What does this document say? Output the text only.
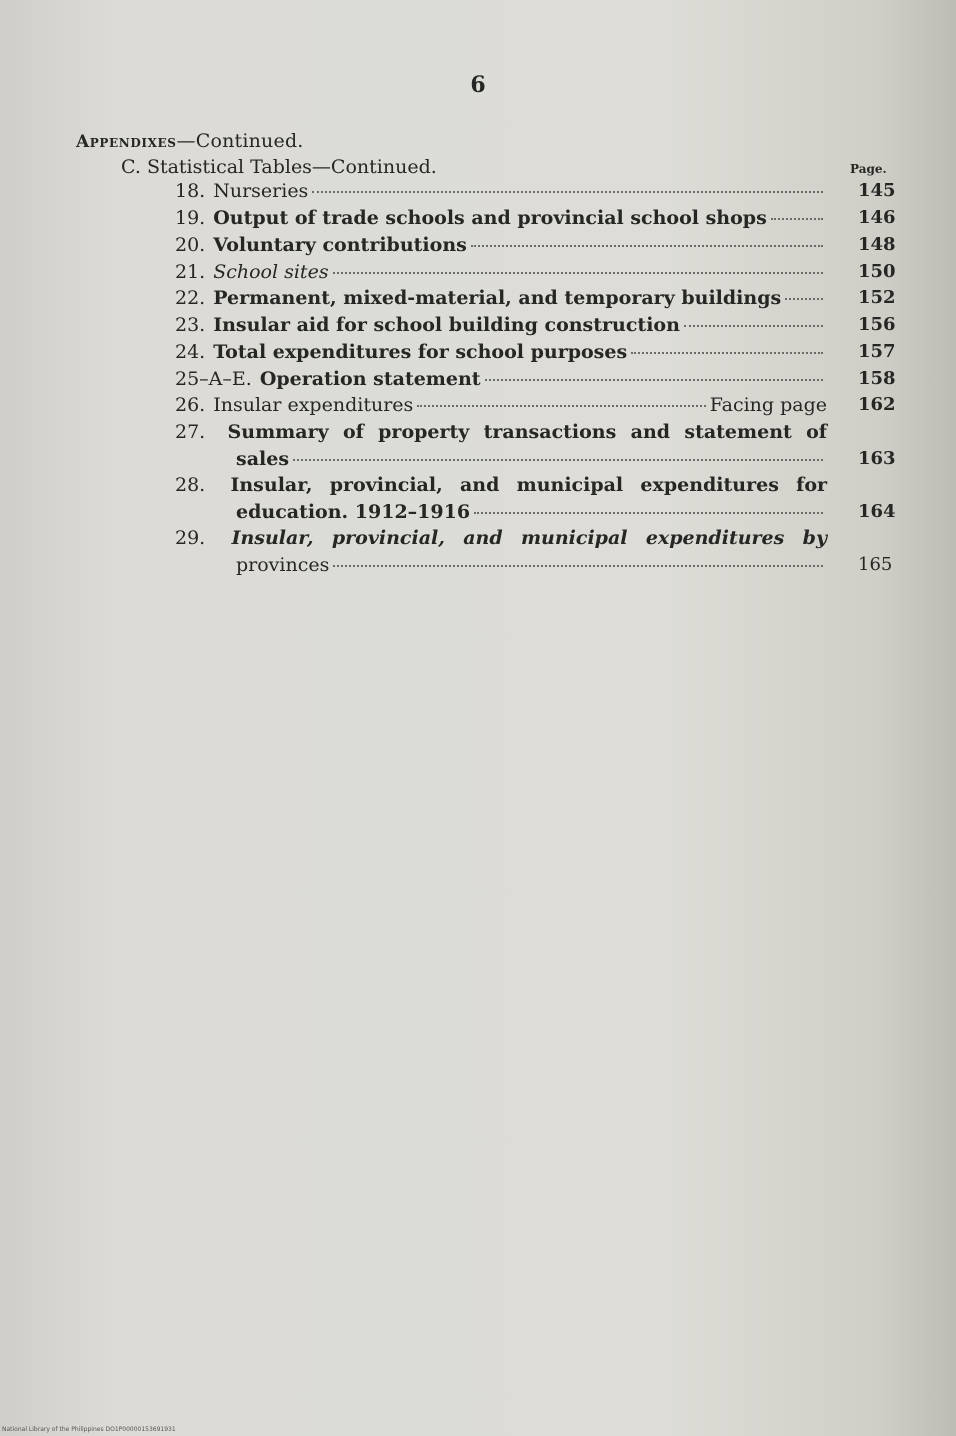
6
Appendixes—Continued.
C. Statistical Tables—Continued.	Page.
18. Nurseries	145
19. Output of trade schools and provincial school shops	146
20. Voluntary contributions	148
21. School sites	150
22. Permanent, mixed-material, and temporary buildings	152
23. Insular aid for school building construction	156
24. Total expenditures for school purposes	157
25–A–E. Operation statement	158
26. Insular expenditures	Facing page 162
27. Summary of property transactions and statement of
sales	163
28. Insular, provincial, and municipal expenditures for
education. 1912–1916	164
29. Insular, provincial, and municipal expenditures by
provinces	165
National Library of the Philippines DO1P00000153691931
